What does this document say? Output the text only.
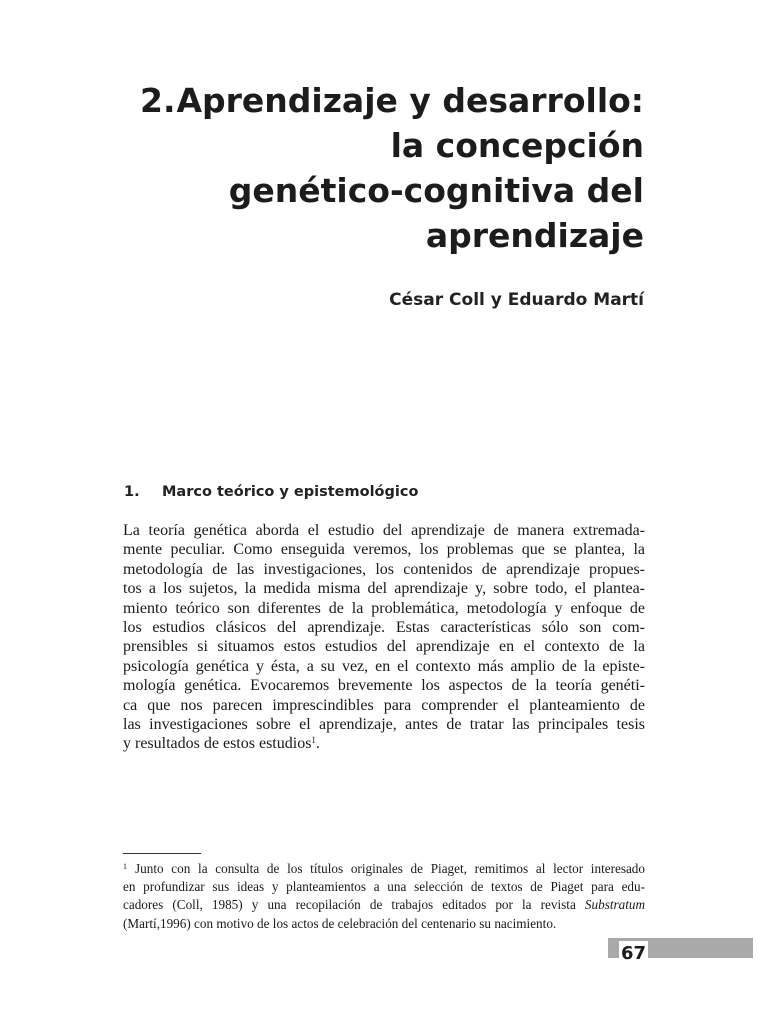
2. Aprendizaje y desarrollo:
la concepción
genético-cognitiva del
aprendizaje
César Coll y Eduardo Martí
1. Marco teórico y epistemológico
La teoría genética aborda el estudio del aprendizaje de manera extremada-
mente peculiar. Como enseguida veremos, los problemas que se plantea, la
metodología de las investigaciones, los contenidos de aprendizaje propues-
tos a los sujetos, la medida misma del aprendizaje y, sobre todo, el plantea-
miento teórico son diferentes de la problemática, metodología y enfoque de
los estudios clásicos del aprendizaje. Estas características sólo son com-
prensibles si situamos estos estudios del aprendizaje en el contexto de la
psicología genética y ésta, a su vez, en el contexto más amplio de la episte-
mología genética. Evocaremos brevemente los aspectos de la teoría genéti-
ca que nos parecen imprescindibles para comprender el planteamiento de
las investigaciones sobre el aprendizaje, antes de tratar las principales tesis
y resultados de estos estudios$^1$.
$^1$ Junto con la consulta de los títulos originales de Piaget, remitimos al lector interesado
en profundizar sus ideas y planteamientos a una selección de textos de Piaget para edu-
cadores (Coll, 1985) y una recopilación de trabajos editados por la revista Substratum
(Martí,1996) con motivo de los actos de celebración del centenario su nacimiento.
67
